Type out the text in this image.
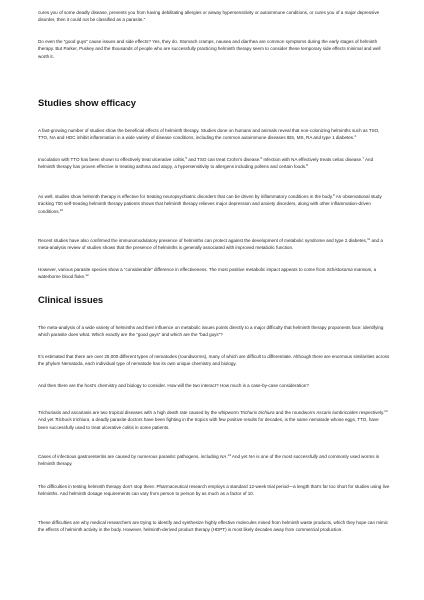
cures you of some deadly disease, prevents you from having debilitating allergies or airway hypersensitivity or autoimmune conditions, or cures you of a major depressive disorder, then it could not be classified as a parasite.”

Do even the “good guys” cause issues and side effects? Yes, they do. Stomach cramps, nausea and diarrhea are common symptoms during the early stages of helminth therapy. But Parker, Puskey and the thousands of people who are successfully practicing helminth therapy seem to consider these temporary side effects minimal and well worth it.

Studies show efficacy

A fast-growing number of studies show the beneficial effects of helminth therapy. Studies done on humans and animals reveal that non-colonizing helminths such as TSO, TTO, NA and HDC inhibit inflammation in a wide variety of disease conditions, including the common autoimmune diseases IBS, MS, RA and type 1 diabetes.$^4$

Inoculation with TTO has been shown to effectively treat ulcerative colitis,$^5$ and TSO can treat Crohn’s disease.$^6$ Infection with NA effectively treats celiac disease.$^7$ And helminth therapy has proven effective in treating asthma and atopy, a hypersensitivity to allergens including pollens and certain foods.$^8$

As well, studies show helminth therapy is effective for treating neuropsychiatric disorders that can be driven by inflammatory conditions in the body.$^9$ An observational study tracking 700 self-treating helminth therapy patients shows that helminth therapy relieves major depression and anxiety disorders, along with other inflammation-driven conditions.$^{10}$

Recent studies have also confirmed the immunomodulatory presence of helminths can protect against the development of metabolic syndrome and type 2 diabetes,$^{11}$ and a meta-analysis review of studies shows that the presence of helminths is generally associated with improved metabolic function.

However, various parasite species show a “considerable” difference in effectiveness. The most positive metabolic impact appears to come from Schistosoma mansoni, a waterborne blood fluke.$^{12}$

Clinical issues

The meta-analysis of a wide variety of helminths and their influence on metabolic issues points directly to a major difficulty that helminth therapy proponents face: identifying which parasite does what. Which exactly are the “good guys” and which are the “bad guys”?

It’s estimated that there are over 25,000 different types of nematodes (roundworms), many of which are difficult to differentiate. Although there are enormous similarities across the phylum Nematoda, each individual type of nematode has its own unique chemistry and biology.

And then there are the host’s chemistry and biology to consider. How will the two interact? How much is a case-by-case consideration?

Trichuriasis and ascariasis are two tropical diseases with a high death rate caused by the whipworm Trichuris trichiura and the roundworm Ascaris lumbricoides respectively.$^{13}$ And yet Trichuris trichiura, a deadly parasite doctors have been fighting in the tropics with few positive results for decades, is the same nematode whose eggs, TTO, have been successfully used to treat ulcerative colitis in some patients.

Cases of infectious gastroenteritis are caused by numerous parasitic pathogens, including NA.$^{14}$ And yet NA is one of the most successfully and commonly used worms in helminth therapy.

The difficulties in testing helminth therapy don’t stop there. Pharmaceutical research employs a standard 12-week trial period—a length that’s far too short for studies using live helminths. And helminth dosage requirements can vary from person to person by as much as a factor of 10.

These difficulties are why medical researchers are trying to identify and synthesize highly effective molecules mined from helminth waste products, which they hope can mimic the effects of helminth activity in the body. However, helminth-derived product therapy (HDPT) is most likely decades away from commercial production.
